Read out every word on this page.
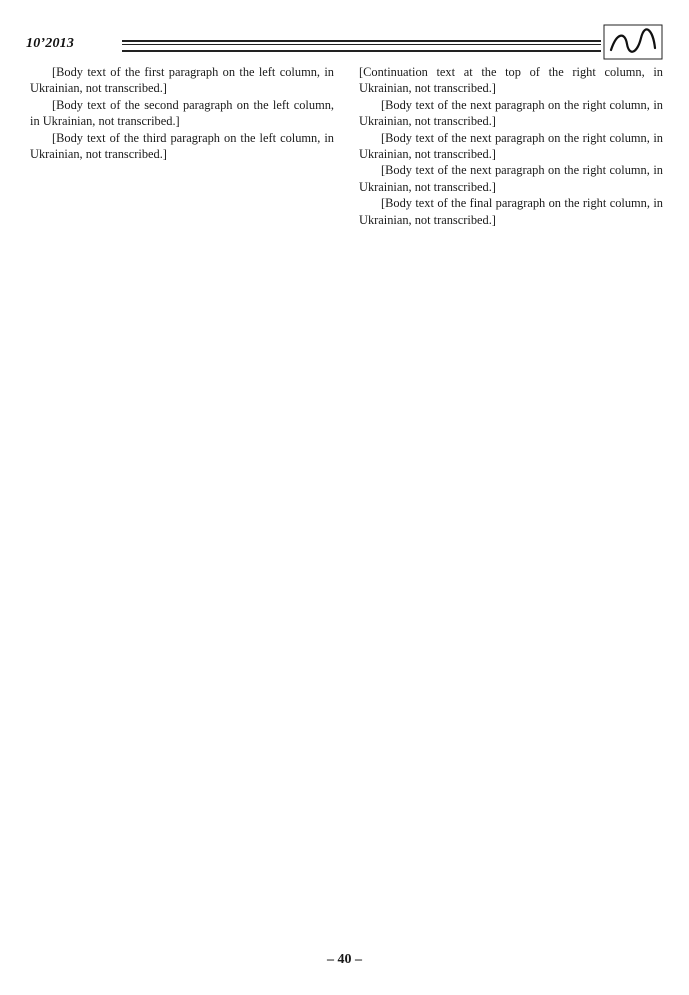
10’2013

[Body text of the first paragraph on the left column, in Ukrainian, not transcribed.]

[Body text of the second paragraph on the left column, in Ukrainian, not transcribed.]

[Body text of the third paragraph on the left column, in Ukrainian, not transcribed.]

[Continuation text at the top of the right column, in Ukrainian, not transcribed.]

[Body text of the next paragraph on the right column, in Ukrainian, not transcribed.]

[Body text of the next paragraph on the right column, in Ukrainian, not transcribed.]

[Body text of the next paragraph on the right column, in Ukrainian, not transcribed.]

[Body text of the final paragraph on the right column, in Ukrainian, not transcribed.]

– 40 –
